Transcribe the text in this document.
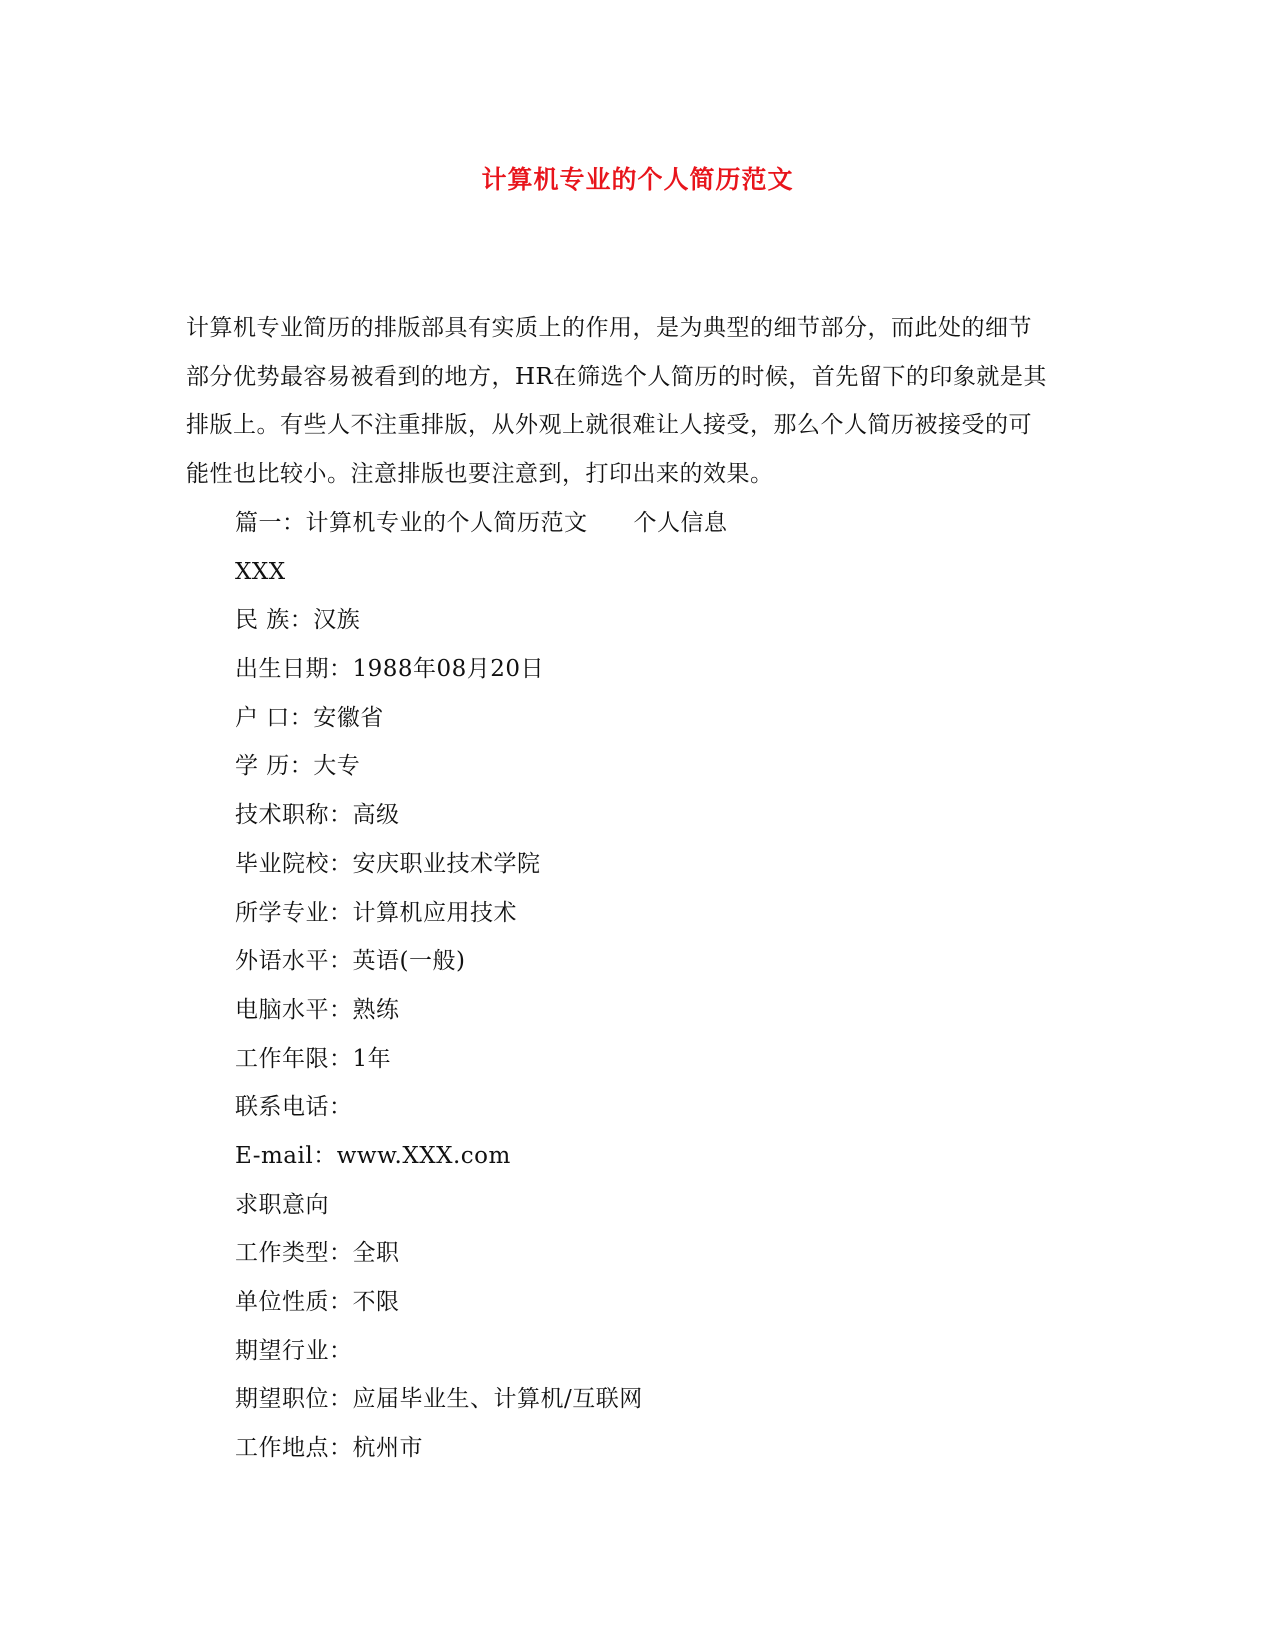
计算机专业的个人简历范文
计算机专业简历的排版部具有实质上的作用，是为典型的细节部分，而此处的细节
部分优势最容易被看到的地方，HR在筛选个人简历的时候，首先留下的印象就是其
排版上。有些人不注重排版，从外观上就很难让人接受，那么个人简历被接受的可
能性也比较小。注意排版也要注意到，打印出来的效果。
篇一：计算机专业的个人简历范文 个人信息
XXX
民 族：汉族
出生日期：1988年08月20日
户 口：安徽省
学 历：大专
技术职称：高级
毕业院校：安庆职业技术学院
所学专业：计算机应用技术
外语水平：英语(一般)
电脑水平：熟练
工作年限：1年
联系电话：
E-mail：www.XXX.com
求职意向
工作类型：全职
单位性质：不限
期望行业：
期望职位：应届毕业生、计算机/互联网
工作地点：杭州市
